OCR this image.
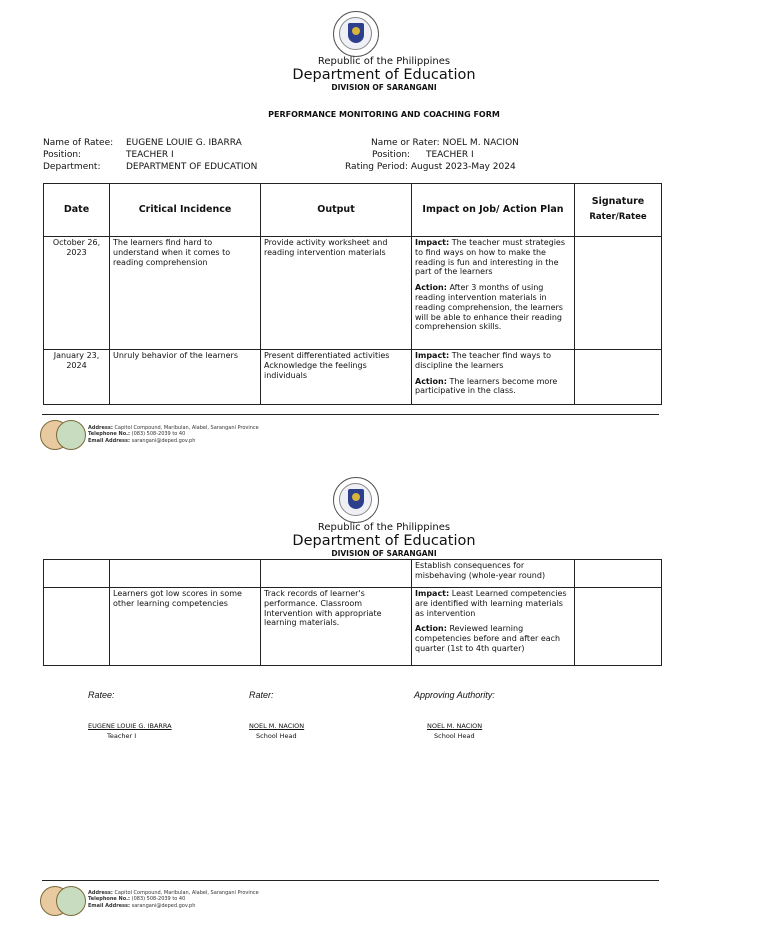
Republic of the Philippines
Department of Education
DIVISION OF SARANGANI
PERFORMANCE MONITORING AND COACHING FORM
Name of Ratee: EUGENE LOUIE G. IBARRA
Position:	TEACHER I
Department:	DEPARTMENT OF EDUCATION
Name or Rater: NOEL M. NACION
Position: TEACHER I
Rating Period: August 2023-May 2024
Date	Critical Incidence	Output	Impact on Job/ Action Plan	Signature
Rater/Ratee

October 26, 2023	The learners find hard to understand when it comes to reading comprehension	Provide activity worksheet and reading intervention materials	Impact: The teacher must strategies to find ways on how to make the reading is fun and interesting in the part of the learners
Action: After 3 months of using reading intervention materials in reading comprehension, the learners will be able to enhance their reading comprehension skills.	

January 23, 2024	Unruly behavior of the learners	Present differentiated activities Acknowledge the feelings individuals	Impact: The teacher find ways to discipline the learners
Action: The learners become more participative in the class.	

Address: Capitol Compound, Maribulan, Alabel, Sarangani Province
Telephone No.: (083) 508-2039 to 40
Email Address: sarangani@deped.gov.ph
Republic of the Philippines
Department of Education
DIVISION OF SARANGANI
			Establish consequences for misbehaving (whole-year round)	
	Learners got low scores in some other learning competencies	Track records of learner's performance. Classroom Intervention with appropriate learning materials.	Impact: Least Learned competencies are identified with learning materials as intervention
Action: Reviewed learning competencies before and after each quarter (1st to 4th quarter)	

Ratee:	Rater:	Approving Authority:
EUGENE LOUIE G. IBARRA
Teacher I
NOEL M. NACION
School Head
NOEL M. NACION
School Head
Address: Capitol Compound, Maribulan, Alabel, Sarangani Province
Telephone No.: (083) 508-2039 to 40
Email Address: sarangani@deped.gov.ph
